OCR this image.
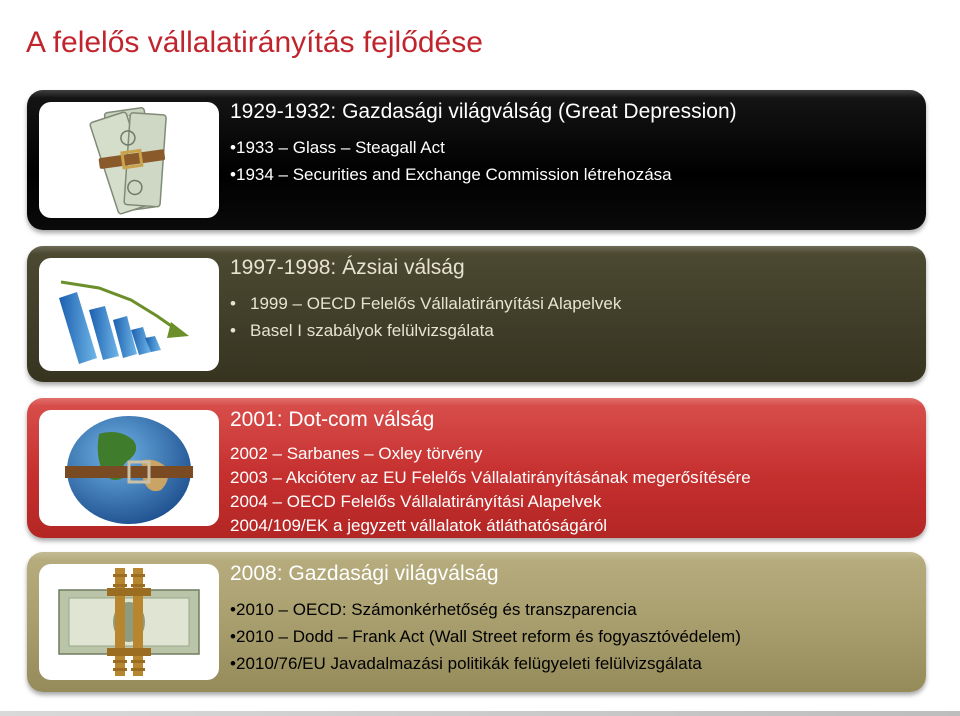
A felelős vállalatirányítás fejlődése
1929-1932: Gazdasági világválság (Great Depression)
• 1933 – Glass – Steagall Act
• 1934 – Securities and Exchange Commission létrehozása
1997-1998: Ázsiai válság
• 1999 – OECD Felelős Vállalatirányítási Alapelvek
• Basel I szabályok felülvizsgálata
2001: Dot-com válság
2002 – Sarbanes – Oxley törvény
2003 – Akcióterv az EU Felelős Vállalatirányításának megerősítésére
2004 – OECD Felelős Vállalatirányítási Alapelvek
2004/109/EK a jegyzett vállalatok átláthatóságáról
2008: Gazdasági világválság
• 2010 – OECD: Számonkérhetőség és transzparencia
• 2010 – Dodd – Frank Act (Wall Street reform és fogyasztóvédelem)
• 2010/76/EU Javadalmazási politikák felügyeleti felülvizsgálata
